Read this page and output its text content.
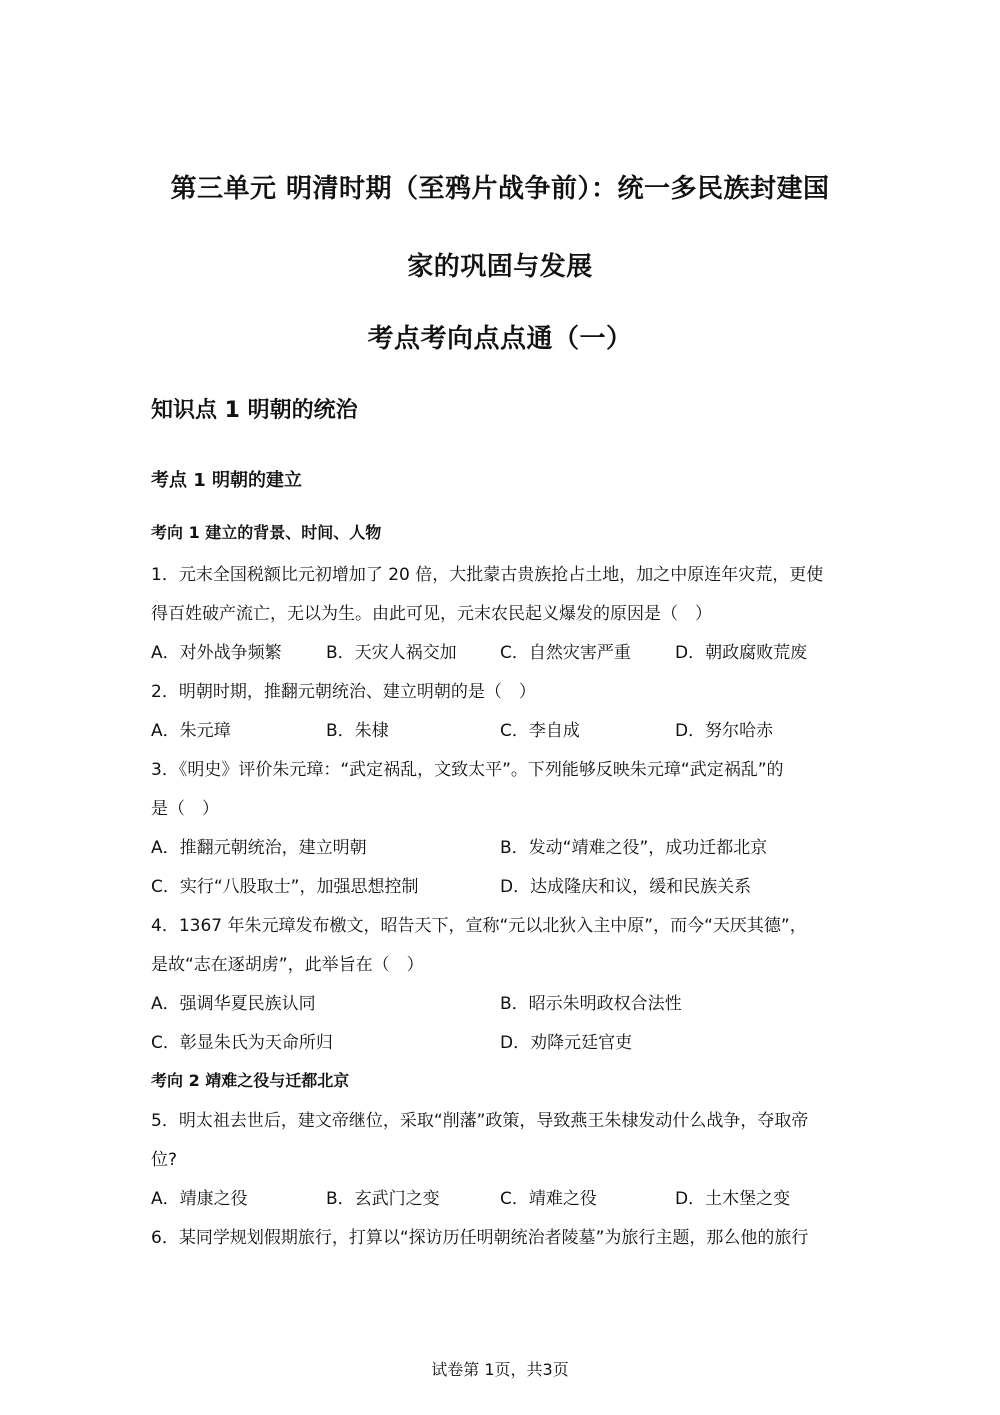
第三单元 明清时期（至鸦片战争前）：统一多民族封建国
家的巩固与发展
考点考向点点通（一）
知识点 1 明朝的统治
考点 1 明朝的建立
考向 1 建立的背景、时间、人物
1．元末全国税额比元初增加了 20 倍，大批蒙古贵族抢占土地，加之中原连年灾荒，更使
得百姓破产流亡，无以为生。由此可见，元末农民起义爆发的原因是（　）
A．对外战争频繁	B．天灾人祸交加	C．自然灾害严重	D．朝政腐败荒废
2．明朝时期，推翻元朝统治、建立明朝的是（　）
A．朱元璋	B．朱棣	C．李自成	D．努尔哈赤
3．《明史》评价朱元璋：“武定祸乱，文致太平”。下列能够反映朱元璋“武定祸乱”的
是（　）
A．推翻元朝统治，建立明朝	B．发动“靖难之役”，成功迁都北京
C．实行“八股取士”，加强思想控制	D．达成隆庆和议，缓和民族关系
4．1367 年朱元璋发布檄文，昭告天下，宣称“元以北狄入主中原”，而今“天厌其德”，
是故“志在逐胡虏”，此举旨在（　）
A．强调华夏民族认同	B．昭示朱明政权合法性
C．彰显朱氏为天命所归	D．劝降元廷官吏
考向 2 靖难之役与迁都北京
5．明太祖去世后，建文帝继位，采取“削藩”政策，导致燕王朱棣发动什么战争，夺取帝
位?
A．靖康之役	B．玄武门之变	C．靖难之役	D．土木堡之变
6．某同学规划假期旅行，打算以“探访历任明朝统治者陵墓”为旅行主题，那么他的旅行
试卷第 1页，共3页
